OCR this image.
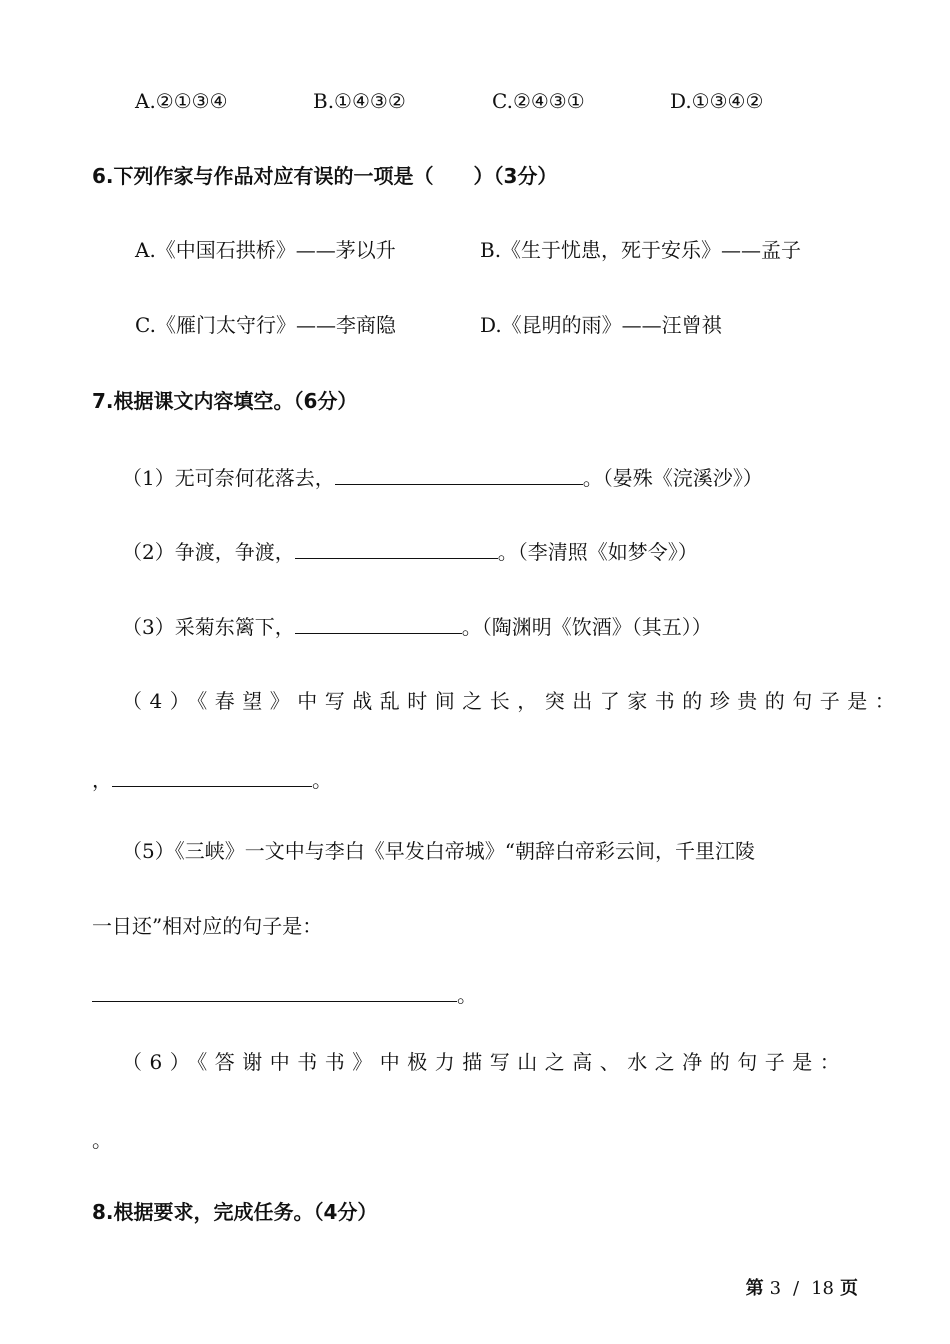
A.②①③④	B.①④③②	C.②④③①	D.①③④②
6.下列作家与作品对应有误的一项是（　　）（3分）
A.《中国石拱桥》——茅以升	B.《生于忧患，死于安乐》——孟子
C.《雁门太守行》——李商隐	D.《昆明的雨》——汪曾祺
7.根据课文内容填空。（6分）
（1）无可奈何花落去，	。（晏殊《浣溪沙》）
（2）争渡，争渡，	。（李清照《如梦令》）
（3）采菊东篱下，	。（陶渊明《饮酒》（其五））
（4）《春望》中写战乱时间之长，突出了家书的珍贵的句子是：
，	。
（5）《三峡》一文中与李白《早发白帝城》“朝辞白帝彩云间，千里江陵
一日还”相对应的句子是：
。
（6）《答谢中书书》中极力描写山之高、水之净的句子是：
。
8.根据要求，完成任务。（4分）
第 3 / 18 页
